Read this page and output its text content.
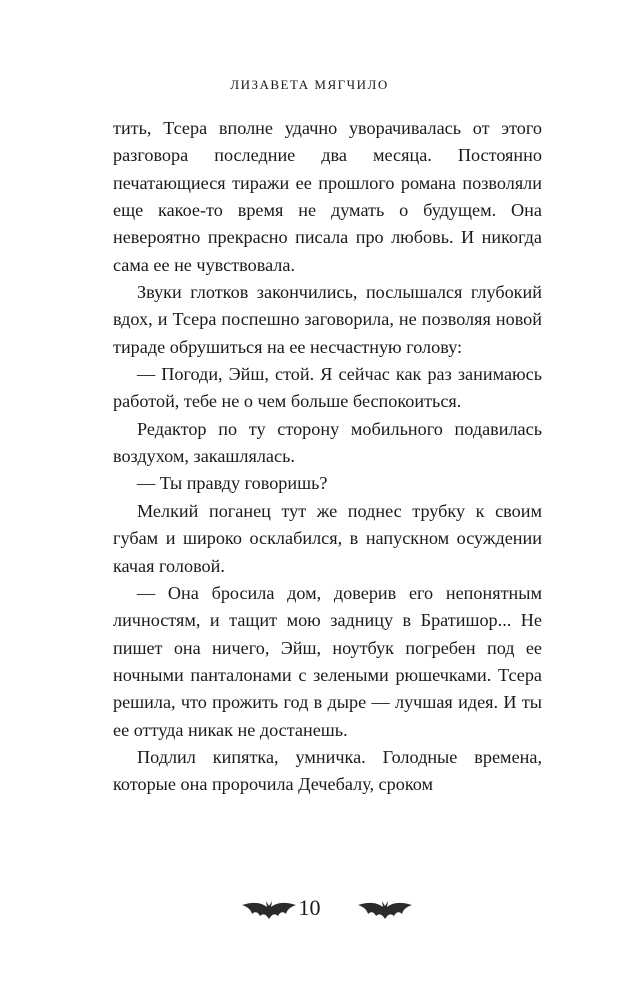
ЛИЗАВЕТА МЯГЧИЛО

тить, Тсера вполне удачно уворачивалась от этого разговора последние два месяца. Постоянно печатающиеся тиражи ее прошлого романа позволяли еще какое-то время не думать о будущем. Она невероятно прекрасно писала про любовь. И никогда сама ее не чувствовала.

Звуки глотков закончились, послышался глубокий вдох, и Тсера поспешно заговорила, не позволяя новой тираде обрушиться на ее несчастную голову:

— Погоди, Эйш, стой. Я сейчас как раз занимаюсь работой, тебе не о чем больше беспокоиться.

Редактор по ту сторону мобильного подавилась воздухом, закашлялась.

— Ты правду говоришь?

Мелкий поганец тут же поднес трубку к своим губам и широко осклабился, в напускном осуждении качая головой.

— Она бросила дом, доверив его непонятным личностям, и тащит мою задницу в Братишор... Не пишет она ничего, Эйш, ноутбук погребен под ее ночными панталонами с зелеными рюшечками. Тсера решила, что прожить год в дыре — лучшая идея. И ты ее оттуда никак не достанешь.

Подлил кипятка, умничка. Голодные времена, которые она пророчила Дечебалу, сроком

10
